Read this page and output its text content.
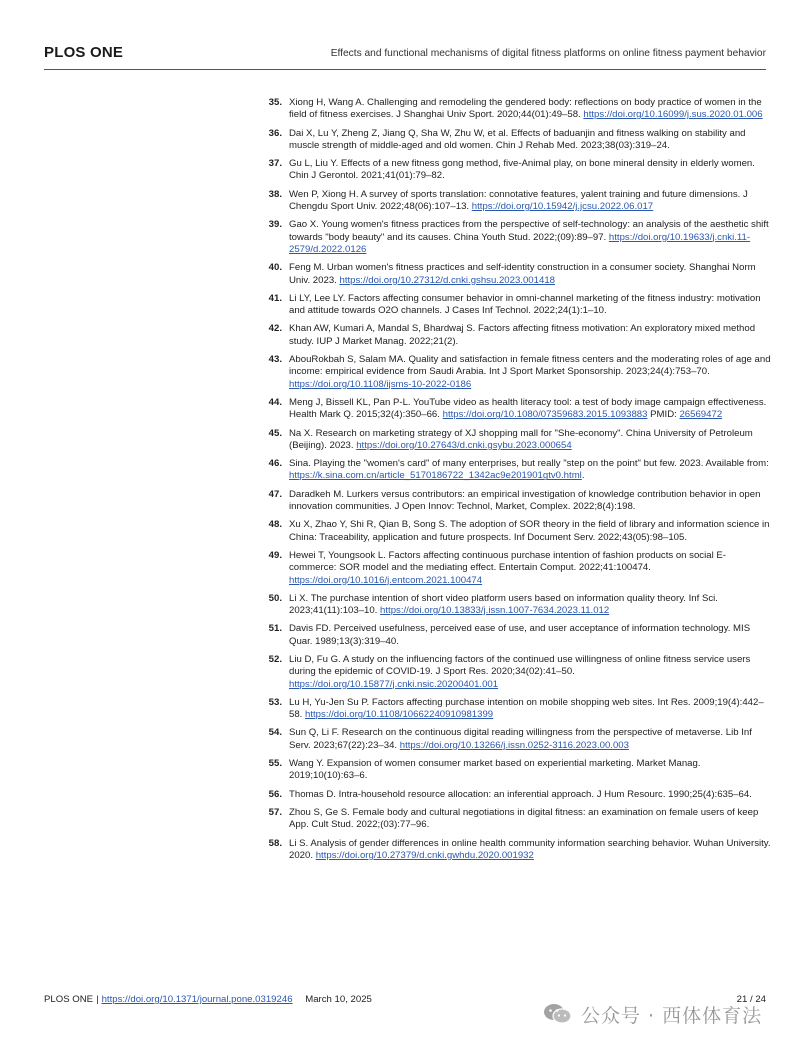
PLOS ONE	Effects and functional mechanisms of digital fitness platforms on online fitness payment behavior
35. Xiong H, Wang A. Challenging and remodeling the gendered body: reflections on body practice of women in the field of fitness exercises. J Shanghai Univ Sport. 2020;44(01):49–58. https://doi.org/10.16099/j.sus.2020.01.006
36. Dai X, Lu Y, Zheng Z, Jiang Q, Sha W, Zhu W, et al. Effects of baduanjin and fitness walking on stability and muscle strength of middle-aged and old women. Chin J Rehab Med. 2023;38(03):319–24.
37. Gu L, Liu Y. Effects of a new fitness gong method, five-Animal play, on bone mineral density in elderly women. Chin J Gerontol. 2021;41(01):79–82.
38. Wen P, Xiong H. A survey of sports translation: connotative features, yalent training and future dimensions. J Chengdu Sport Univ. 2022;48(06):107–13. https://doi.org/10.15942/j.jcsu.2022.06.017
39. Gao X. Young women's fitness practices from the perspective of self-technology: an analysis of the aesthetic shift towards "body beauty" and its causes. China Youth Stud. 2022;(09):89–97. https://doi.org/10.19633/j.cnki.11-2579/d.2022.0126
40. Feng M. Urban women's fitness practices and self-identity construction in a consumer society. Shanghai Norm Univ. 2023. https://doi.org/10.27312/d.cnki.gshsu.2023.001418
41. Li LY, Lee LY. Factors affecting consumer behavior in omni-channel marketing of the fitness industry: motivation and attitude towards O2O channels. J Cases Inf Technol. 2022;24(1):1–10.
42. Khan AW, Kumari A, Mandal S, Bhardwaj S. Factors affecting fitness motivation: An exploratory mixed method study. IUP J Market Manag. 2022;21(2).
43. AbouRokbah S, Salam MA. Quality and satisfaction in female fitness centers and the moderating roles of age and income: empirical evidence from Saudi Arabia. Int J Sport Market Sponsorship. 2023;24(4):753–70. https://doi.org/10.1108/ijsms-10-2022-0186
44. Meng J, Bissell KL, Pan P-L. YouTube video as health literacy tool: a test of body image campaign effectiveness. Health Mark Q. 2015;32(4):350–66. https://doi.org/10.1080/07359683.2015.1093883 PMID: 26569472
45. Na X. Research on marketing strategy of XJ shopping mall for "She-economy". China University of Petroleum (Beijing). 2023. https://doi.org/10.27643/d.cnki.gsybu.2023.000654
46. Sina. Playing the "women's card" of many enterprises, but really "step on the point" but few. 2023. Available from: https://k.sina.com.cn/article_5170186722_1342ac9e201901gtv0.html.
47. Daradkeh M. Lurkers versus contributors: an empirical investigation of knowledge contribution behavior in open innovation communities. J Open Innov: Technol, Market, Complex. 2022;8(4):198.
48. Xu X, Zhao Y, Shi R, Qian B, Song S. The adoption of SOR theory in the field of library and information science in China: Traceability, application and future prospects. Inf Document Serv. 2022;43(05):98–105.
49. Hewei T, Youngsook L. Factors affecting continuous purchase intention of fashion products on social E-commerce: SOR model and the mediating effect. Entertain Comput. 2022;41:100474. https://doi.org/10.1016/j.entcom.2021.100474
50. Li X. The purchase intention of short video platform users based on information quality theory. Inf Sci. 2023;41(11):103–10. https://doi.org/10.13833/j.issn.1007-7634.2023.11.012
51. Davis FD. Perceived usefulness, perceived ease of use, and user acceptance of information technology. MIS Quar. 1989;13(3):319–40.
52. Liu D, Fu G. A study on the influencing factors of the continued use willingness of online fitness service users during the epidemic of COVID-19. J Sport Res. 2020;34(02):41–50. https://doi.org/10.15877/j.cnki.nsic.20200401.001
53. Lu H, Yu-Jen Su P. Factors affecting purchase intention on mobile shopping web sites. Int Res. 2009;19(4):442–58. https://doi.org/10.1108/10662240910981399
54. Sun Q, Li F. Research on the continuous digital reading willingness from the perspective of metaverse. Lib Inf Serv. 2023;67(22):23–34. https://doi.org/10.13266/j.issn.0252-3116.2023.00.003
55. Wang Y. Expansion of women consumer market based on experiential marketing. Market Manag. 2019;10(10):63–6.
56. Thomas D. Intra-household resource allocation: an inferential approach. J Hum Resourc. 1990;25(4):635–64.
57. Zhou S, Ge S. Female body and cultural negotiations in digital fitness: an examination on female users of keep App. Cult Stud. 2022;(03):77–96.
58. Li S. Analysis of gender differences in online health community information searching behavior. Wuhan University. 2020. https://doi.org/10.27379/d.cnki.gwhdu.2020.001932
PLOS ONE | https://doi.org/10.1371/journal.pone.0319246 March 10, 2025	21 / 24
公众号 · 西体体育法
